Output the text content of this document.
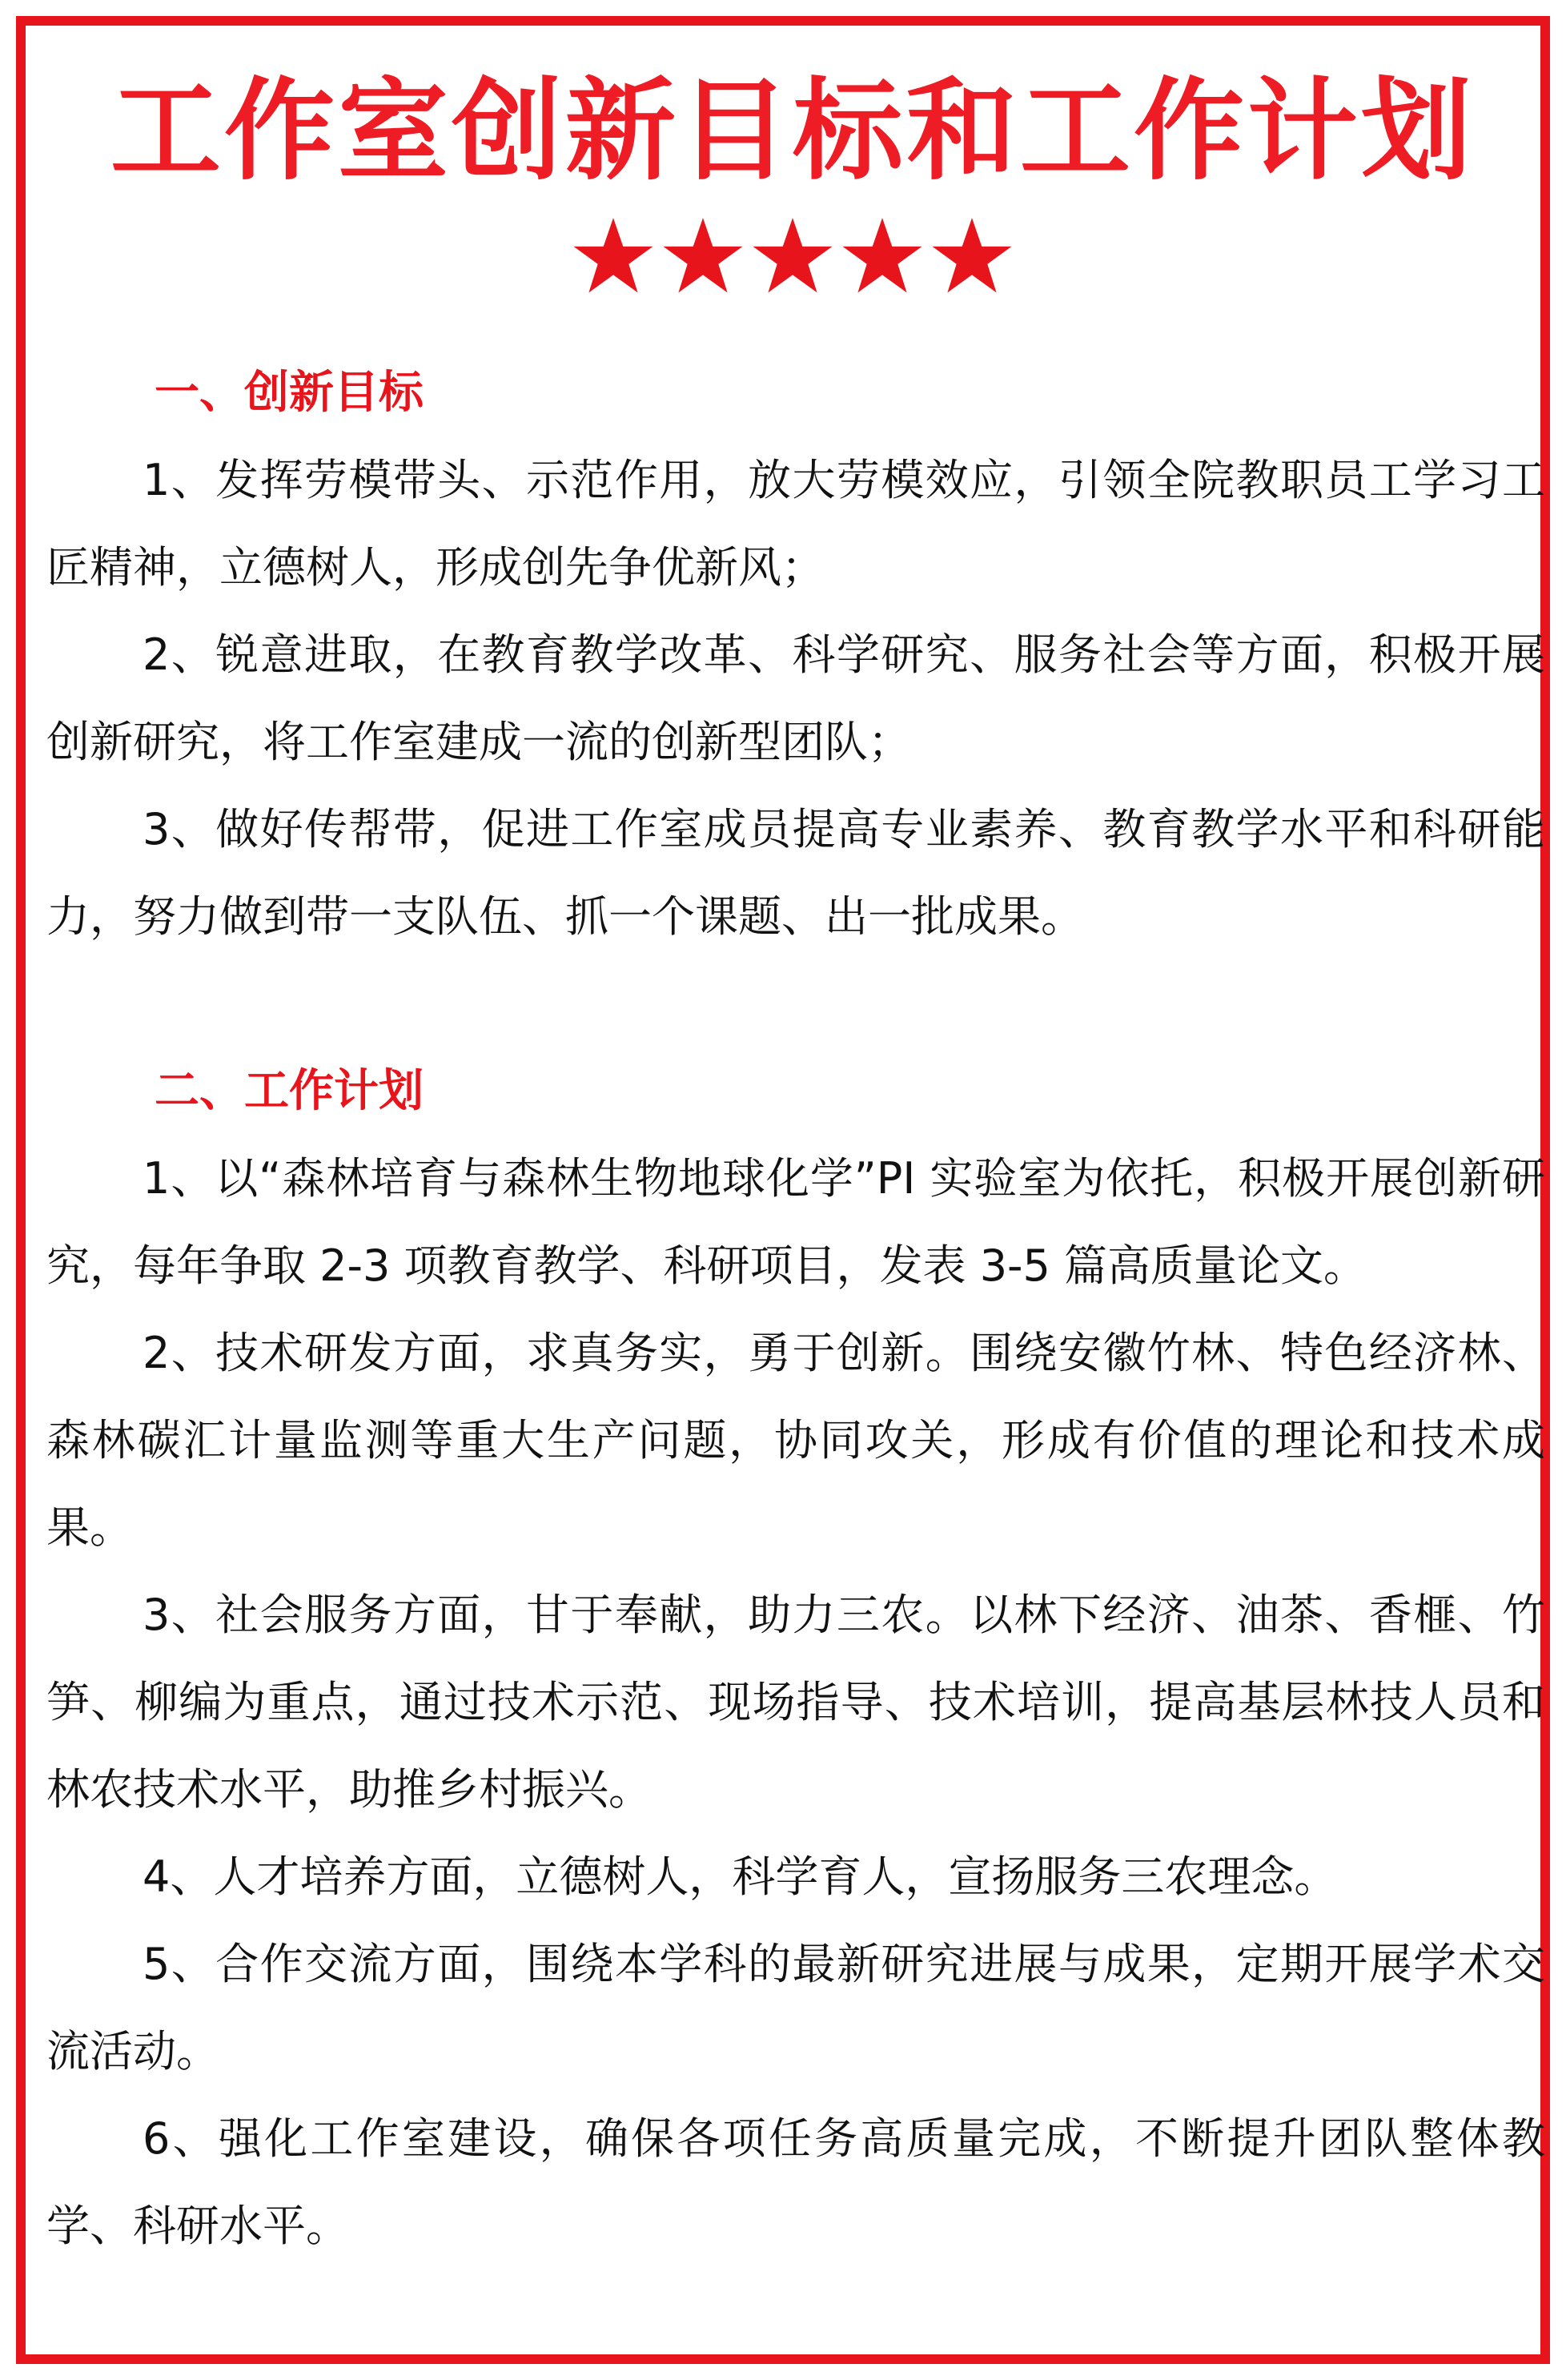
工作室创新目标和工作计划
一、创新目标

1、发挥劳模带头、示范作用，放大劳模效应，引领全院教职员工学习工匠精神，立德树人，形成创先争优新风；

2、锐意进取，在教育教学改革、科学研究、服务社会等方面，积极开展创新研究，将工作室建成一流的创新型团队；

3、做好传帮带，促进工作室成员提高专业素养、教育教学水平和科研能力，努力做到带一支队伍、抓一个课题、出一批成果。

二、工作计划

1、以“森林培育与森林生物地球化学”PI 实验室为依托，积极开展创新研究，每年争取 2-3 项教育教学、科研项目，发表 3-5 篇高质量论文。

2、技术研发方面，求真务实，勇于创新。围绕安徽竹林、特色经济林、森林碳汇计量监测等重大生产问题，协同攻关，形成有价值的理论和技术成果。

3、社会服务方面，甘于奉献，助力三农。以林下经济、油茶、香榧、竹笋、柳编为重点，通过技术示范、现场指导、技术培训，提高基层林技人员和林农技术水平，助推乡村振兴。

4、人才培养方面，立德树人，科学育人，宣扬服务三农理念。

5、合作交流方面，围绕本学科的最新研究进展与成果，定期开展学术交流活动。

6、强化工作室建设，确保各项任务高质量完成，不断提升团队整体教学、科研水平。
